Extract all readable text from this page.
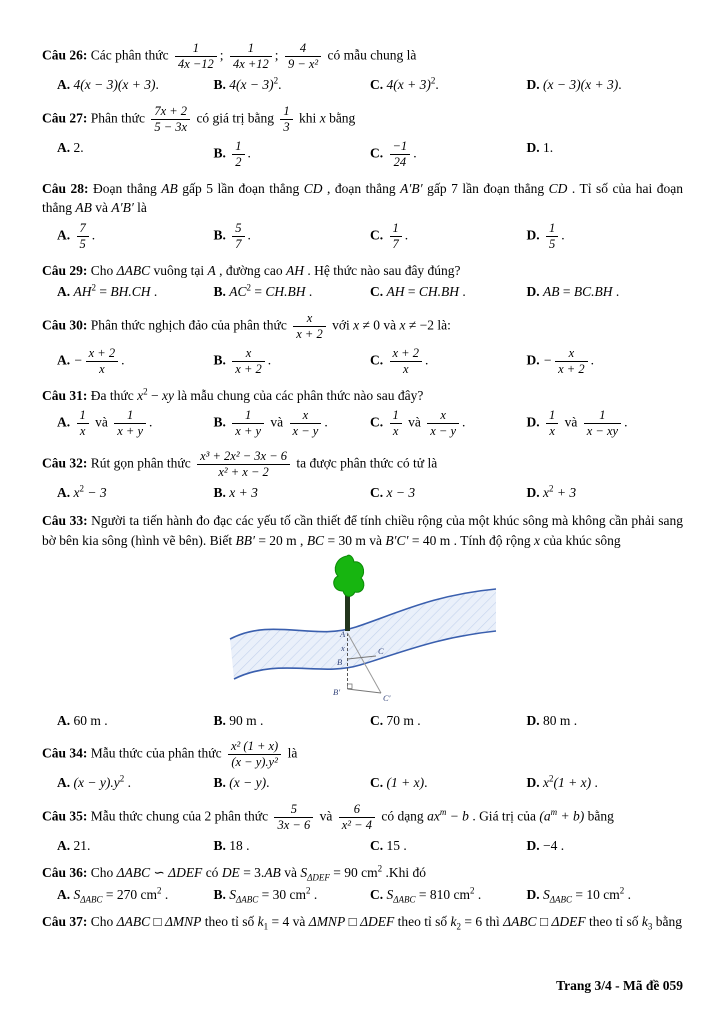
Câu 26: Các phân thức $\frac{1}{4x -12}$ ; $\frac{1}{4x +12}$ ; $\frac{4}{\text{9 − x²}}$ có mẫu chung là
A. 4(x − 3)(x + 3).	B. $4(x - 3)^2$.	C. $4(x + 3)^2$.	D. (x − 3)(x + 3).
Câu 27: Phân thức $\frac{7x + 2}{5 - 3x}$ có giá trị bằng $\frac{1}{3}$ khi x bằng
A. 2.	B. $\frac{1}{2}$ .	C. $\frac{-1}{24}$ .	D. 1.
Câu 28: Đoạn thẳng AB gấp 5 lần đoạn thẳng CD , đoạn thẳng A′B′ gấp 7 lần đoạn thẳng CD . Tỉ số của hai đoạn thẳng AB và A′B′ là
A. $\frac{7}{5}$ .	B. $\frac{5}{7}$ .	C. $\frac{1}{7}$ .	D. $\frac{1}{5}$ .
Câu 29: Cho ΔABC vuông tại A , đường cao AH . Hệ thức nào sau đây đúng?
A. $AH^2 = BH.CH$ .	B. $AC^2 = CH.BH$ .	C. AH = CH.BH .	D. AB = BC.BH .
Câu 30: Phân thức nghịch đảo của phân thức $\frac{x}{x + 2}$ với x ≠ 0 và x ≠ −2 là:
A. − $\frac{x + 2}{x}$ .	B. $\frac{x}{x + 2}$ .	C. $\frac{x + 2}{x}$ .	D. − $\frac{x}{x + 2}$ .
Câu 31: Đa thức $x^2$ − xy là mẫu chung của các phân thức nào sau đây?
A. $\frac{1}{x}$ và $\frac{1}{x + y}$ .	B. $\frac{1}{x + y}$ và $\frac{x}{x - y}$ .	C. $\frac{1}{x}$ và $\frac{x}{x - y}$ .	D. $\frac{1}{x}$ và $\frac{1}{x - xy}$ .
Câu 32: Rút gọn phân thức $\frac{\text{x³ + 2x² − 3x − 6}}{\text{x² + x − 2}}$ ta được phân thức có tử là
A. $x^2 - 3$	B. x + 3	C. x − 3	D. $x^2 + 3$
Câu 33: Người ta tiến hành đo đạc các yếu tố cần thiết để tính chiều rộng của một khúc sông mà không cần phải sang bờ bên kia sông (hình vẽ bên). Biết BB′ = 20 m , BC = 30 m và B′C′ = 40 m . Tính độ rộng x của khúc sông
A
x
B
C
B′
C′
A. 60 m .	B. 90 m .	C. 70 m .	D. 80 m .
Câu 34: Mẫu thức của phân thức $\frac{\text{x² (1 + x)}}{\text{(x − y).y²}}$ là
A. $(x - y).y^2$ .	B. (x − y).	C. (1 + x).	D. $x^2(1 + x)$ .
Câu 35: Mẫu thức chung của 2 phân thức $\frac{5}{3x - 6}$ và $\frac{6}{\text{x² − 4}}$ có dạng $ax^m - b$ . Giá trị của $(a^m + b)$ bằng
A. 21.	B. 18 .	C. 15 .	D. −4 .
Câu 36: Cho ΔABC ∽ ΔDEF có DE = 3.AB và $S_{\Delta DEF} = 90$ $cm^2$ .Khi đó
A. $S_{\Delta ABC} = 270$ $cm^2$ .	B. $S_{\Delta ABC} = 30$ $cm^2$ .	C. $S_{\Delta ABC} = 810$ $cm^2$ .	D. $S_{\Delta ABC} = 10$ $cm^2$ .
Câu 37: Cho ΔABC □ ΔMNP theo tỉ số $k_1 = 4$ và ΔMNP □ ΔDEF theo tỉ số $k_2 = 6$ thì ΔABC □ ΔDEF theo tỉ số $k_3$ bằng
Trang 3/4 - Mã đề 059
